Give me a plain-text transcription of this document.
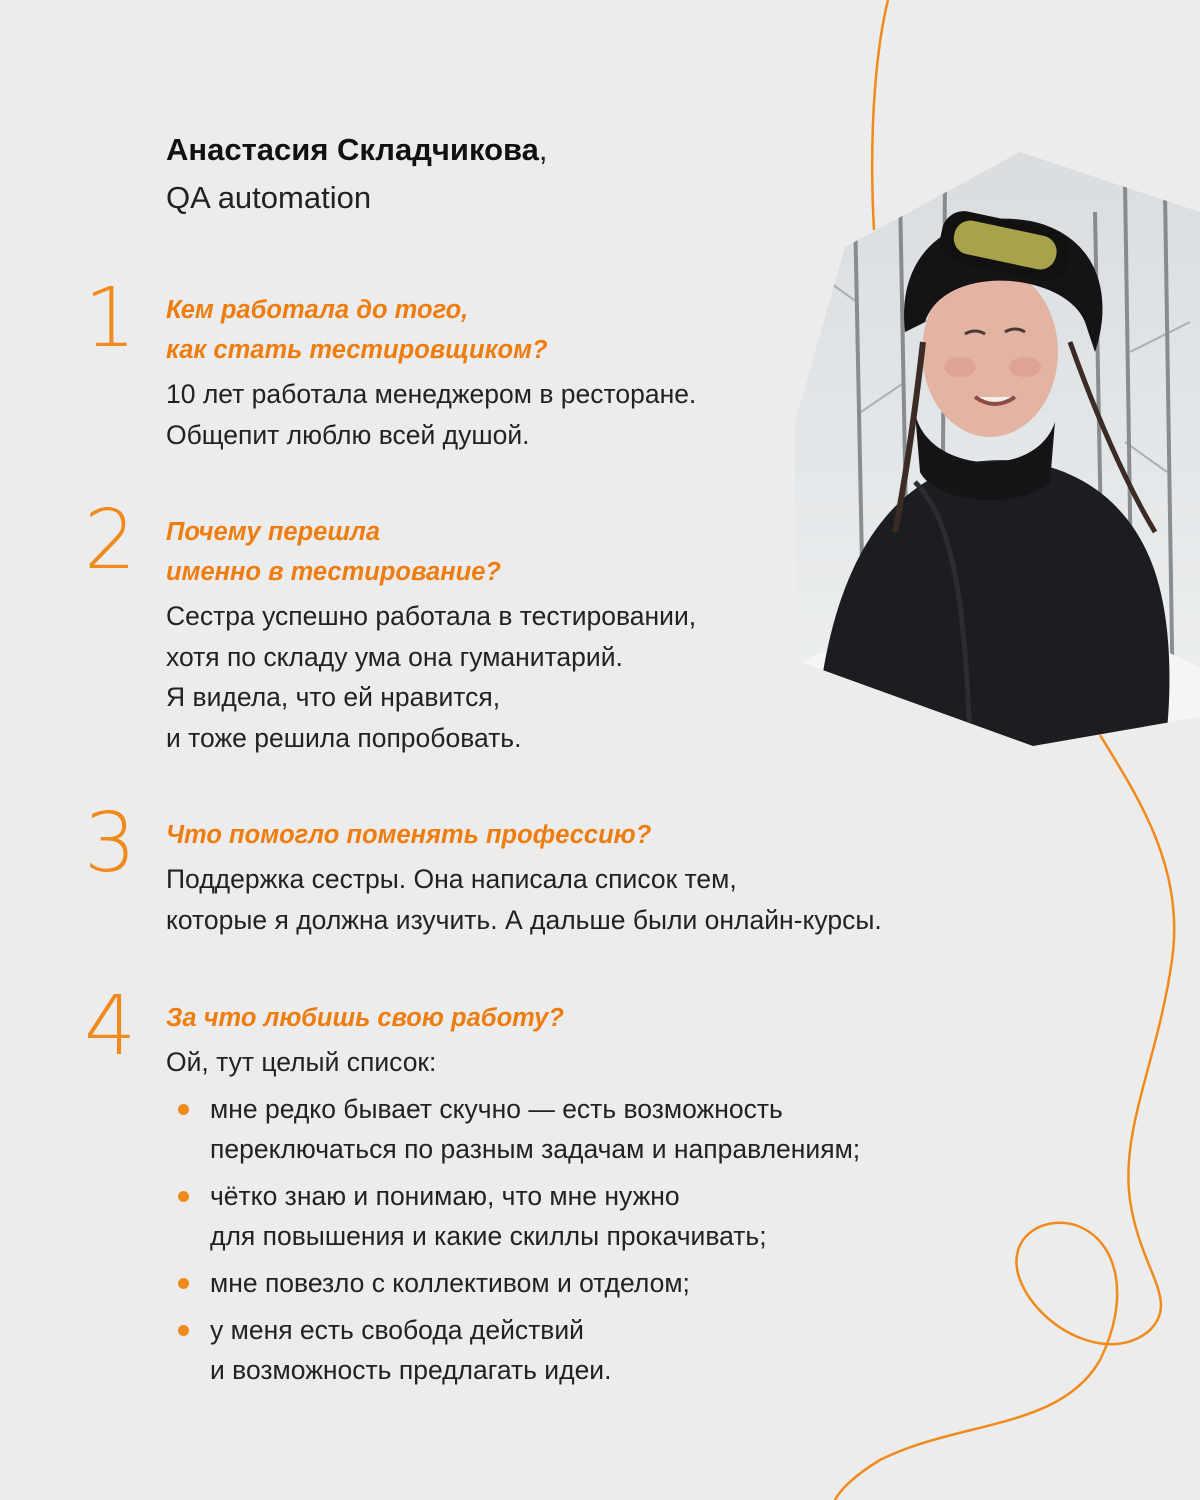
Анастасия Складчикова,
QA automation
1 Кем работала до того,
как стать тестировщиком?
10 лет работала менеджером в ресторане.
Общепит люблю всей душой.
2 Почему перешла
именно в тестирование?
Сестра успешно работала в тестировании,
хотя по складу ума она гуманитарий.
Я видела, что ей нравится,
и тоже решила попробовать.
3 Что помогло поменять профессию?
Поддержка сестры. Она написала список тем,
которые я должна изучить. А дальше были онлайн-курсы.
4 За что любишь свою работу?
Ой, тут целый список:
мне редко бывает скучно — есть возможность
переключаться по разным задачам и направлениям;
чётко знаю и понимаю, что мне нужно
для повышения и какие скиллы прокачивать;
мне повезло с коллективом и отделом;
у меня есть свобода действий
и возможность предлагать идеи.
